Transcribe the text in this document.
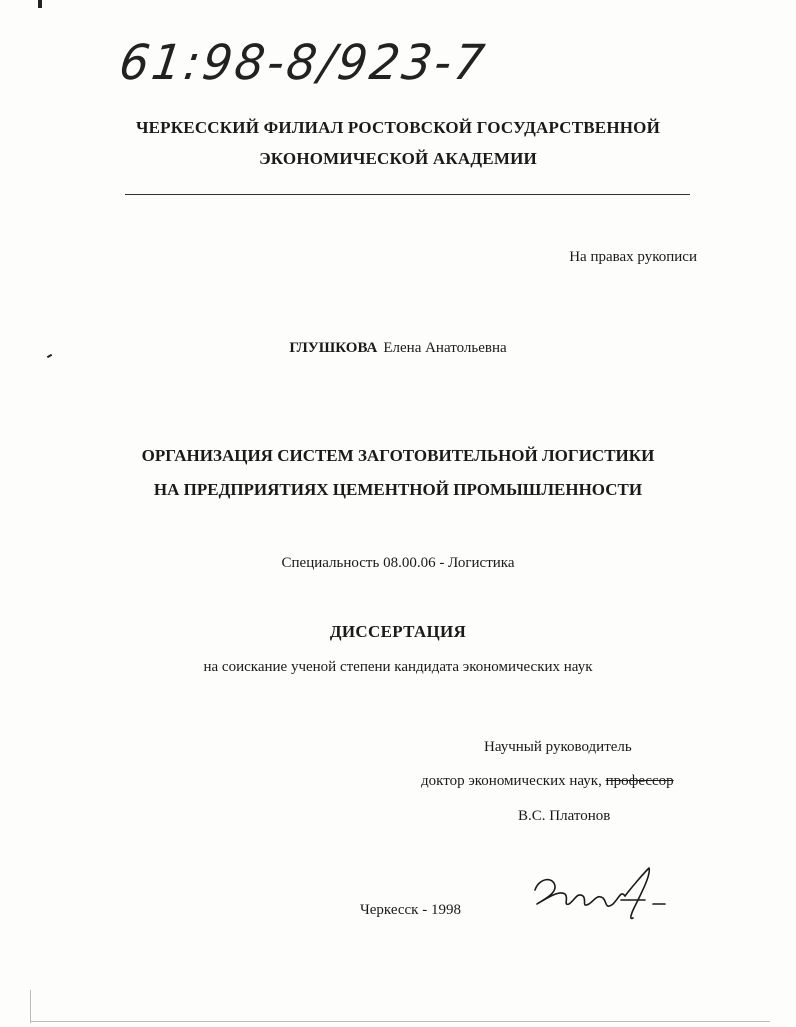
61:98-8/923-7
ЧЕРКЕССКИЙ ФИЛИАЛ РОСТОВСКОЙ ГОСУДАРСТВЕННОЙ
ЭКОНОМИЧЕСКОЙ АКАДЕМИИ
На правах рукописи
ГЛУШКОВА Елена Анатольевна
ОРГАНИЗАЦИЯ СИСТЕМ ЗАГОТОВИТЕЛЬНОЙ ЛОГИСТИКИ
НА ПРЕДПРИЯТИЯХ ЦЕМЕНТНОЙ ПРОМЫШЛЕННОСТИ
Специальность 08.00.06 - Логистика
ДИССЕРТАЦИЯ
на соискание ученой степени кандидата экономических наук
Научный руководитель
доктор экономических наук, профессор
В.С. Платонов
Черкесск - 1998
